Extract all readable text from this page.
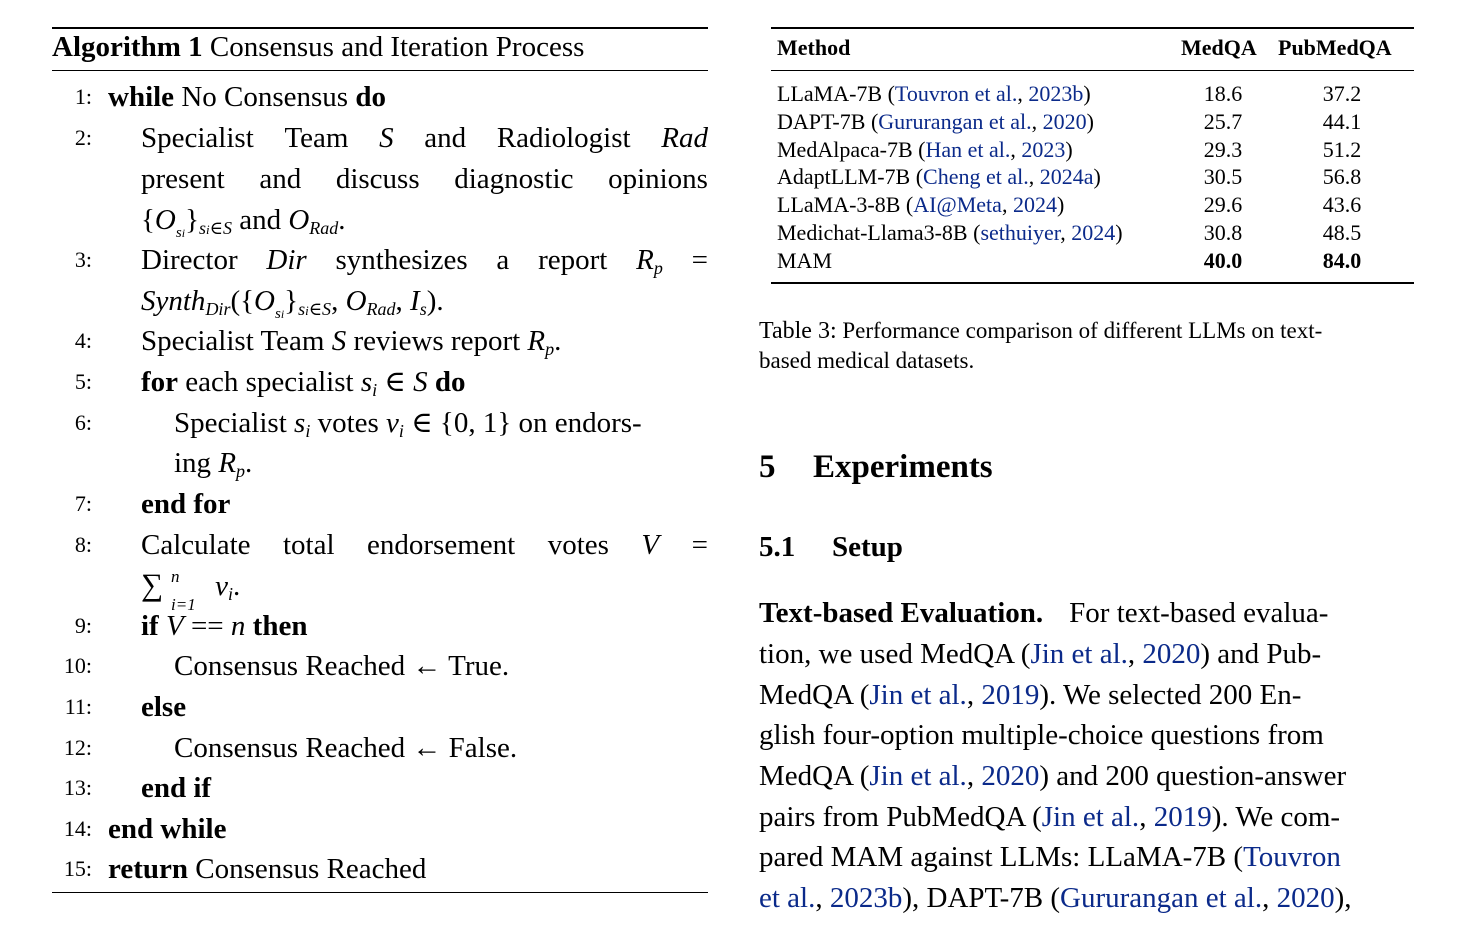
Algorithm 1 Consensus and Iteration Process
1: while No Consensus do
2: Specialist Team S and Radiologist Rad
present and discuss diagnostic opinions
$\{O_{si}\}_{si\in S}$ and $O_{Rad}$.
3: Director Dir synthesizes a report $R_p$ =
$Synth_{Dir}(\{O_{si}\}_{si\in S}$, $O_{Rad}$, $I_s$).
4: Specialist Team S reviews report $R_p$.
5: for each specialist $s_i$ ∈ S do
6:	Specialist $s_i$ votes $v_i$ ∈ {0, 1} on endors-
ing $R_p$.
7: end for
8: Calculate total endorsement votes V =
∑ n
i=1
$v_i$.
9: if V == n then
10:	Consensus Reached ← True.
11: else
12:	Consensus Reached ← False.
13: end if
14: end while
15: return Consensus Reached
Method	MedQA PubMedQA
LLaMA-7B (Touvron et al., 2023b)	18.6	37.2
DAPT-7B (Gururangan et al., 2020)	25.7	44.1
MedAlpaca-7B (Han et al., 2023)	29.3	51.2
AdaptLLM-7B (Cheng et al., 2024a)	30.5	56.8
LLaMA-3-8B (AI@Meta, 2024)	29.6	43.6
Medichat-Llama3-8B (sethuiyer, 2024)	30.8	48.5
MAM	40.0	84.0
Table 3: Performance comparison of different LLMs on text-
based medical datasets.
5 Experiments
5.1 Setup
Text-based Evaluation. For text-based evalua-
tion, we used MedQA (Jin et al., 2020) and Pub-
MedQA (Jin et al., 2019). We selected 200 En-
glish four-option multiple-choice questions from
MedQA (Jin et al., 2020) and 200 question-answer
pairs from PubMedQA (Jin et al., 2019). We com-
pared MAM against LLMs: LLaMA-7B (Touvron
et al., 2023b), DAPT-7B (Gururangan et al., 2020),
